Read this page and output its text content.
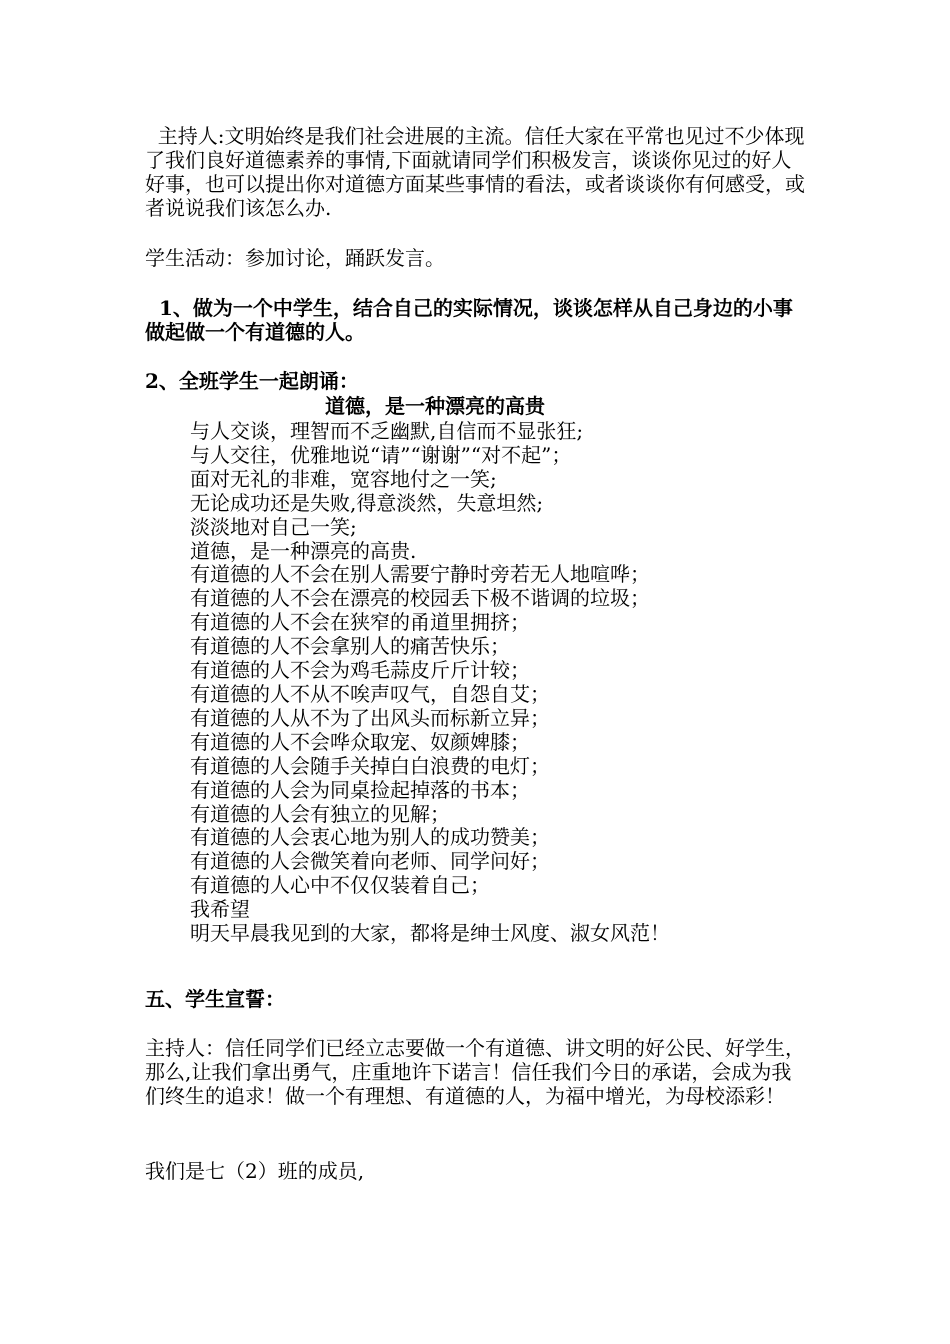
主持人:文明始终是我们社会进展的主流。信任大家在平常也见过不少体现了我们良好道德素养的事情,下面就请同学们积极发言，谈谈你见过的好人好事，也可以提出你对道德方面某些事情的看法，或者谈谈你有何感受，或者说说我们该怎么办.

学生活动：参加讨论，踊跃发言。

1、做为一个中学生，结合自己的实际情况，谈谈怎样从自己身边的小事做起做一个有道德的人。

2、全班学生一起朗诵：

道德，是一种漂亮的高贵
与人交谈，理智而不乏幽默,自信而不显张狂;
与人交往，优雅地说“请”“谢谢”“对不起”；
面对无礼的非难，宽容地付之一笑;
无论成功还是失败,得意淡然，失意坦然;
淡淡地对自己一笑;
道德，是一种漂亮的高贵.
有道德的人不会在别人需要宁静时旁若无人地喧哗；
有道德的人不会在漂亮的校园丢下极不谐调的垃圾；
有道德的人不会在狭窄的甬道里拥挤；
有道德的人不会拿别人的痛苦快乐；
有道德的人不会为鸡毛蒜皮斤斤计较；
有道德的人不从不唉声叹气，自怨自艾；
有道德的人从不为了出风头而标新立异；
有道德的人不会哗众取宠、奴颜婢膝；
有道德的人会随手关掉白白浪费的电灯；
有道德的人会为同桌捡起掉落的书本；
有道德的人会有独立的见解；
有道德的人会衷心地为别人的成功赞美；
有道德的人会微笑着向老师、同学问好；
有道德的人心中不仅仅装着自己；
我希望
明天早晨我见到的大家，都将是绅士风度、淑女风范！

五、学生宣誓：

主持人：信任同学们已经立志要做一个有道德、讲文明的好公民、好学生，那么,让我们拿出勇气，庄重地许下诺言！信任我们今日的承诺，会成为我们终生的追求！做一个有理想、有道德的人，为福中增光，为母校添彩！

我们是七（2）班的成员,
